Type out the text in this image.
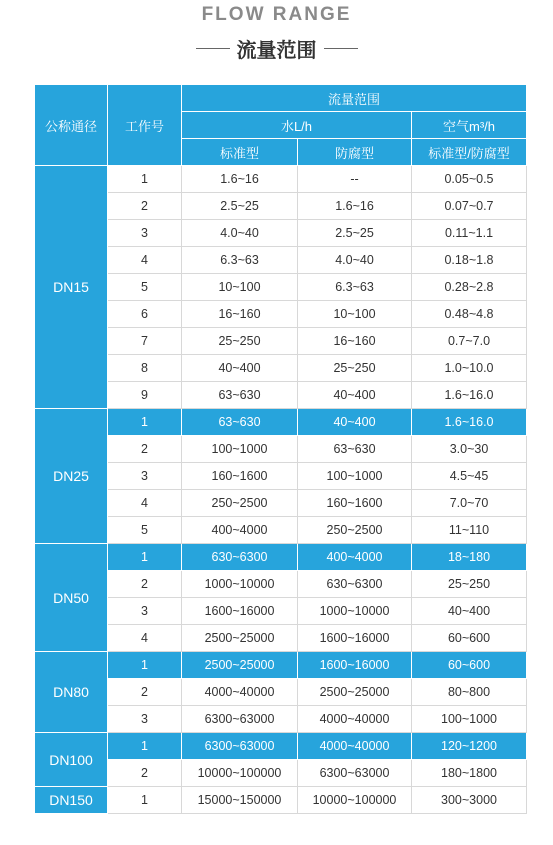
FLOW RANGE
流量范围
公称通径	工作号	流量范围		
		水L/h		空气m³/h
		标准型	防腐型	标准型/防腐型
DN15	1	1.6~16	--	0.05~0.5
	2	2.5~25	1.6~16	0.07~0.7
	3	4.0~40	2.5~25	0.11~1.1
	4	6.3~63	4.0~40	0.18~1.8
	5	10~100	6.3~63	0.28~2.8
	6	16~160	10~100	0.48~4.8
	7	25~250	16~160	0.7~7.0
	8	40~400	25~250	1.0~10.0
	9	63~630	40~400	1.6~16.0
DN25	1	63~630	40~400	1.6~16.0
	2	100~1000	63~630	3.0~30
	3	160~1600	100~1000	4.5~45
	4	250~2500	160~1600	7.0~70
	5	400~4000	250~2500	11~110
DN50	1	630~6300	400~4000	18~180
	2	1000~10000	630~6300	25~250
	3	1600~16000	1000~10000	40~400
	4	2500~25000	1600~16000	60~600
DN80	1	2500~25000	1600~16000	60~600
	2	4000~40000	2500~25000	80~800
	3	6300~63000	4000~40000	100~1000
DN100	1	6300~63000	4000~40000	120~1200
	2	10000~100000	6300~63000	180~1800
DN150	1	15000~150000	10000~100000	300~3000
